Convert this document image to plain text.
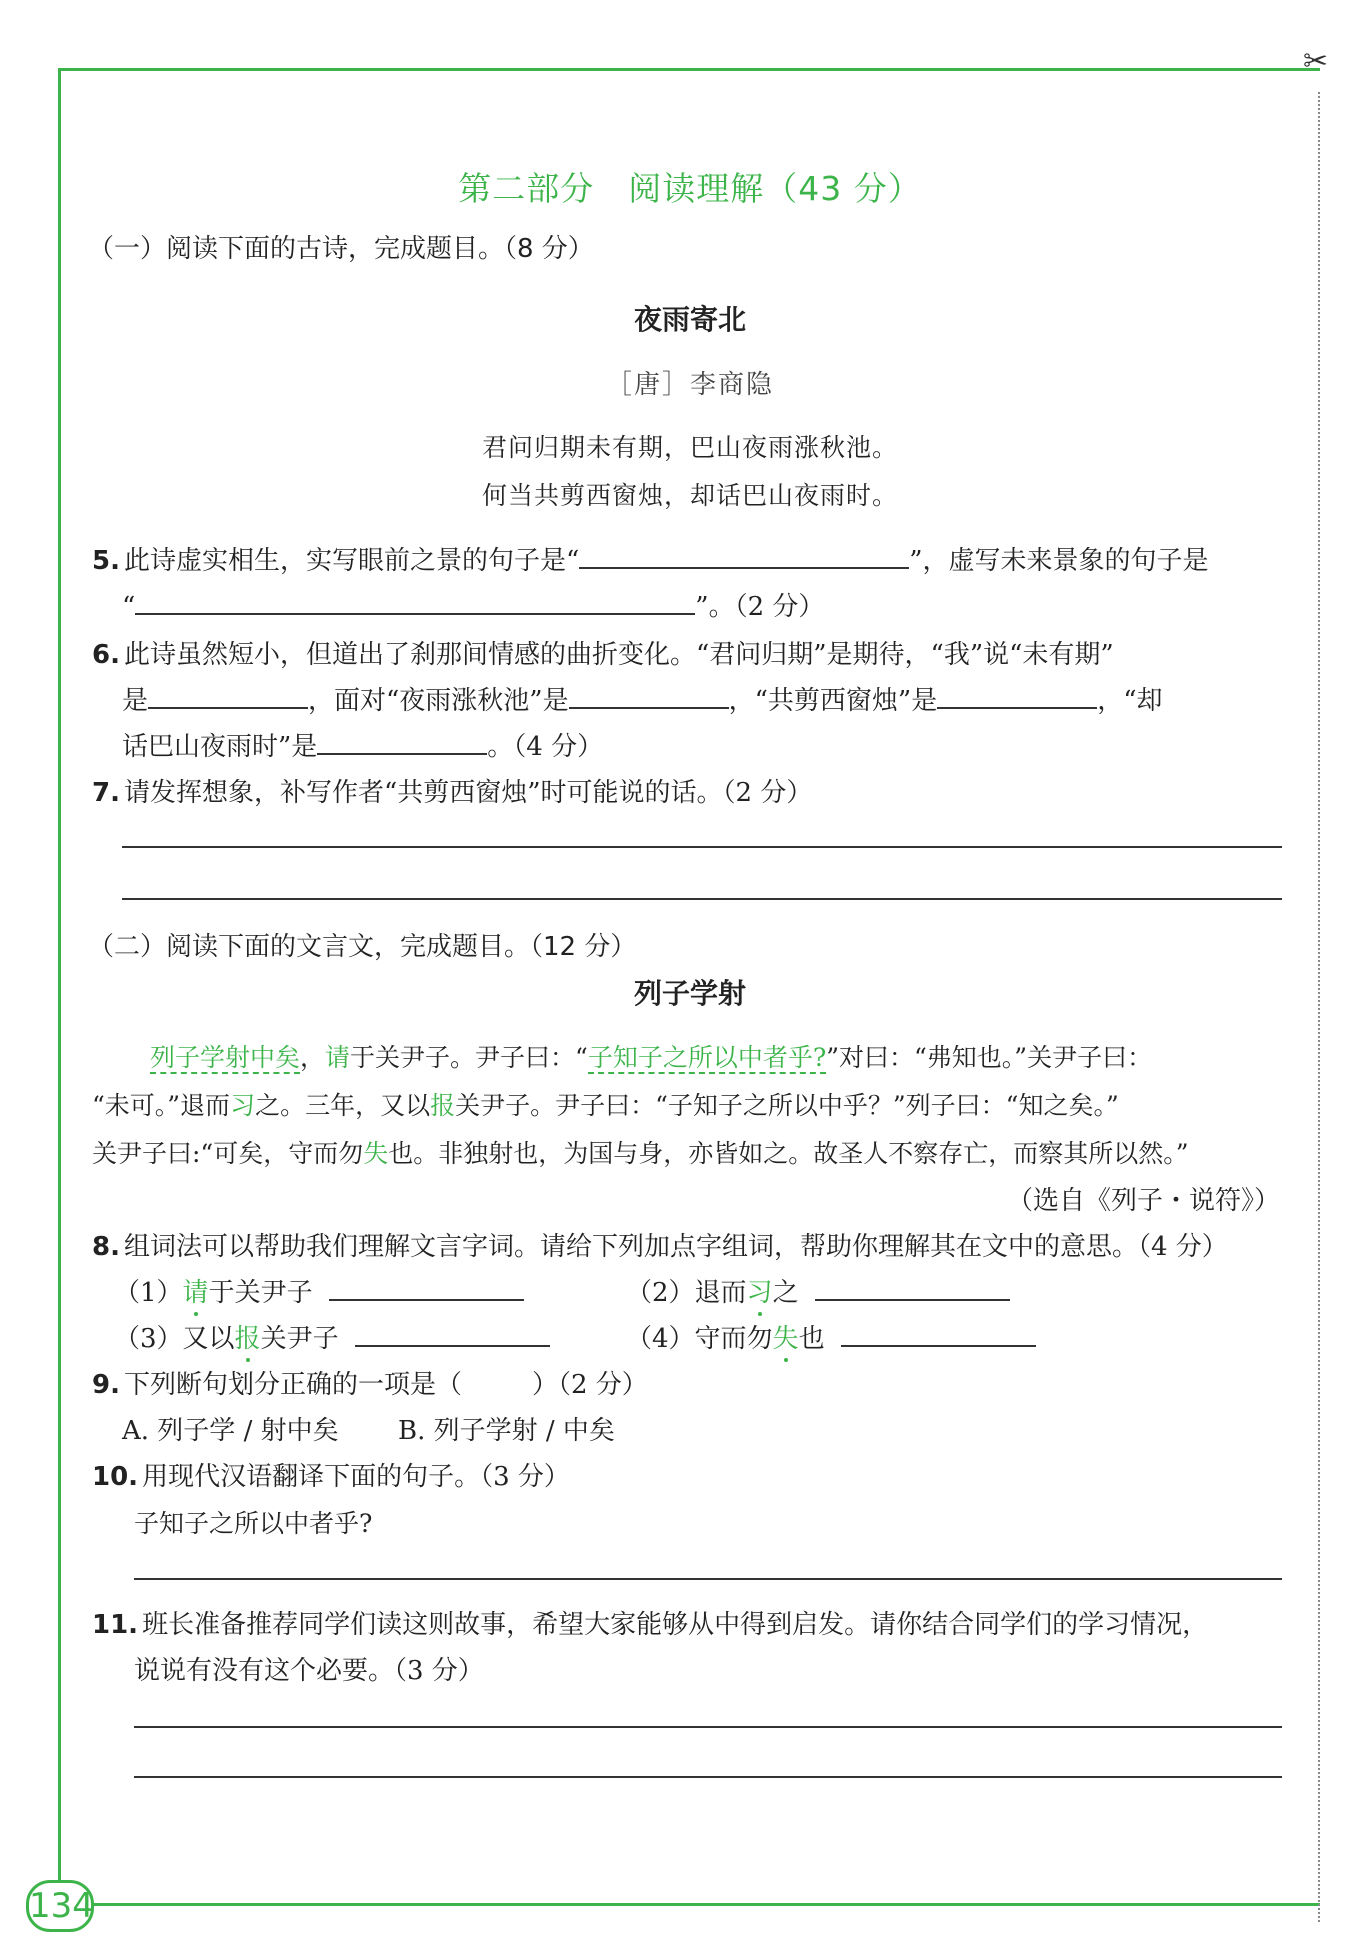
✂
134
第二部分　阅读理解（43 分）
（一）阅读下面的古诗，完成题目。（8 分）
夜雨寄北
［唐］李商隐
君问归期未有期，巴山夜雨涨秋池。
何当共剪西窗烛，却话巴山夜雨时。
5. 此诗虚实相生，实写眼前之景的句子是“	”，虚写未来景象的句子是
“	”。（2 分）
6. 此诗虽然短小，但道出了刹那间情感的曲折变化。“君问归期”是期待，“我”说“未有期”
是	，面对“夜雨涨秋池”是	，“共剪西窗烛”是	，“却
话巴山夜雨时”是	。（4 分）
7. 请发挥想象，补写作者“共剪西窗烛”时可能说的话。（2 分）
（二）阅读下面的文言文，完成题目。（12 分）
列子学射
列子学射中矣，请于关尹子。尹子曰：“子知子之所以中者乎?”对曰：“弗知也。”关尹子曰：
“未可。”退而习之。三年，又以报关尹子。尹子曰：“子知子之所以中乎？”列子曰：“知之矣。”
关尹子曰:“可矣，守而勿失也。非独射也，为国与身，亦皆如之。故圣人不察存亡，而察其所以然。”
（选自《列子・说符》）
8. 组词法可以帮助我们理解文言字词。请给下列加点字组词，帮助你理解其在文中的意思。（4 分）
（1）请于关尹子	（2）退而习之
（3）又以报关尹子	（4）守而勿失也
9. 下列断句划分正确的一项是（	）（2 分）
A. 列子学 / 射中矣 B. 列子学射 / 中矣
10. 用现代汉语翻译下面的句子。（3 分）
子知子之所以中者乎?
11. 班长准备推荐同学们读这则故事，希望大家能够从中得到启发。请你结合同学们的学习情况，
说说有没有这个必要。（3 分）
